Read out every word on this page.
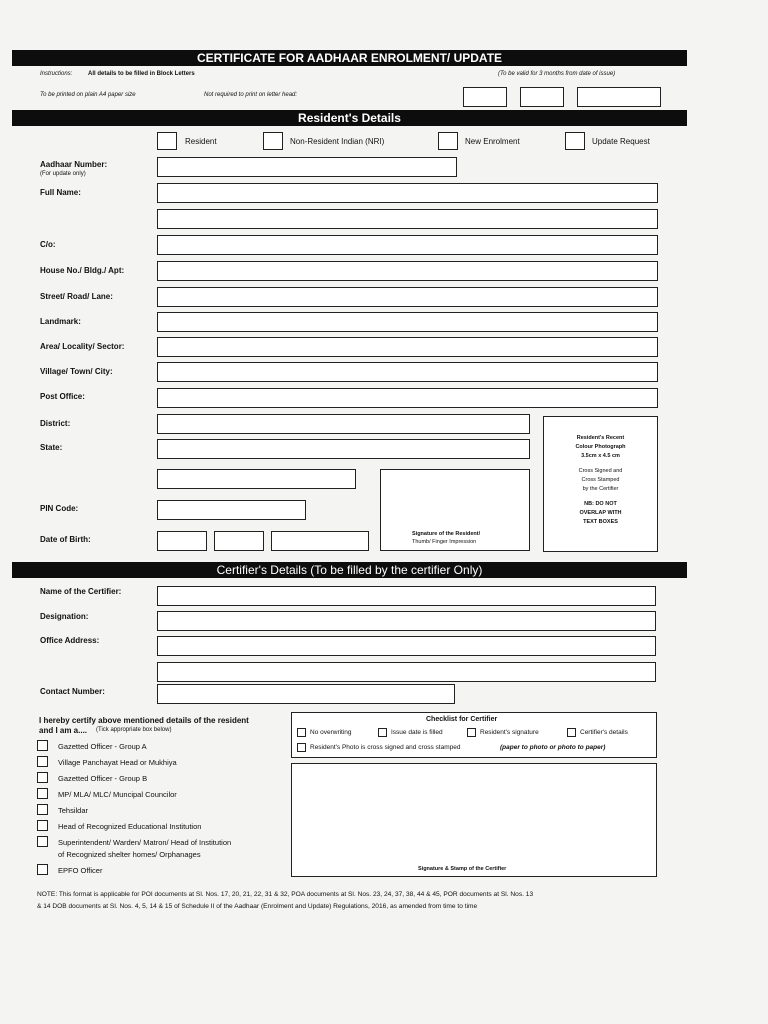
CERTIFICATE FOR AADHAAR ENROLMENT/ UPDATE
Instructions:	All details to be filled in Block Letters	(To be valid for 3 months from date of issue)
To be printed on plain A4 paper size	Not required to print on letter head:
Resident's Details
Resident	Non-Resident Indian (NRI)	New Enrolment	Update Request
Aadhaar Number:
(For update only)
Full Name:
C/o:
House No./ Bldg./ Apt:
Street/ Road/ Lane:
Landmark:
Area/ Locality/ Sector:
Village/ Town/ City:
Post Office:
District:
State:
PIN Code:
Date of Birth:
Signature of the Resident/
Thumb/ Finger Impression
Resident's Recent
Colour Photograph
3.5cm x 4.5 cm
Cross Signed and
Cross Stamped
by the Certifier
NB: DO NOT
OVERLAP WITH
TEXT BOXES
Certifier's Details (To be filled by the certifier Only)
Name of the Certifier:
Designation:
Office Address:
Contact Number:
I hereby certify above mentioned details of the resident
and I am a.... (Tick appropriate box below)
Gazetted Officer - Group A
Village Panchayat Head or Mukhiya
Gazetted Officer - Group B
MP/ MLA/ MLC/ Muncipal Councilor
Tehsildar
Head of Recognized Educational Institution
Superintendent/ Warden/ Matron/ Head of Institution
of Recognized shelter homes/ Orphanages
EPFO Officer
Checklist for Certifier
No overwriting	Issue date is filled	Resident's signature	Certifier's details
Resident's Photo is cross signed and cross stamped	(paper to photo or photo to paper)
Signature & Stamp of the Certifier
NOTE: This format is applicable for POI documents at Sl. Nos. 17, 20, 21, 22, 31 & 32, POA documents at Sl. Nos. 23, 24, 37, 38, 44 & 45, POR documents at Sl. Nos. 13
& 14 DOB documents at Sl. Nos. 4, 5, 14 & 15 of Schedule II of the Aadhaar (Enrolment and Update) Regulations, 2016, as amended from time to time
